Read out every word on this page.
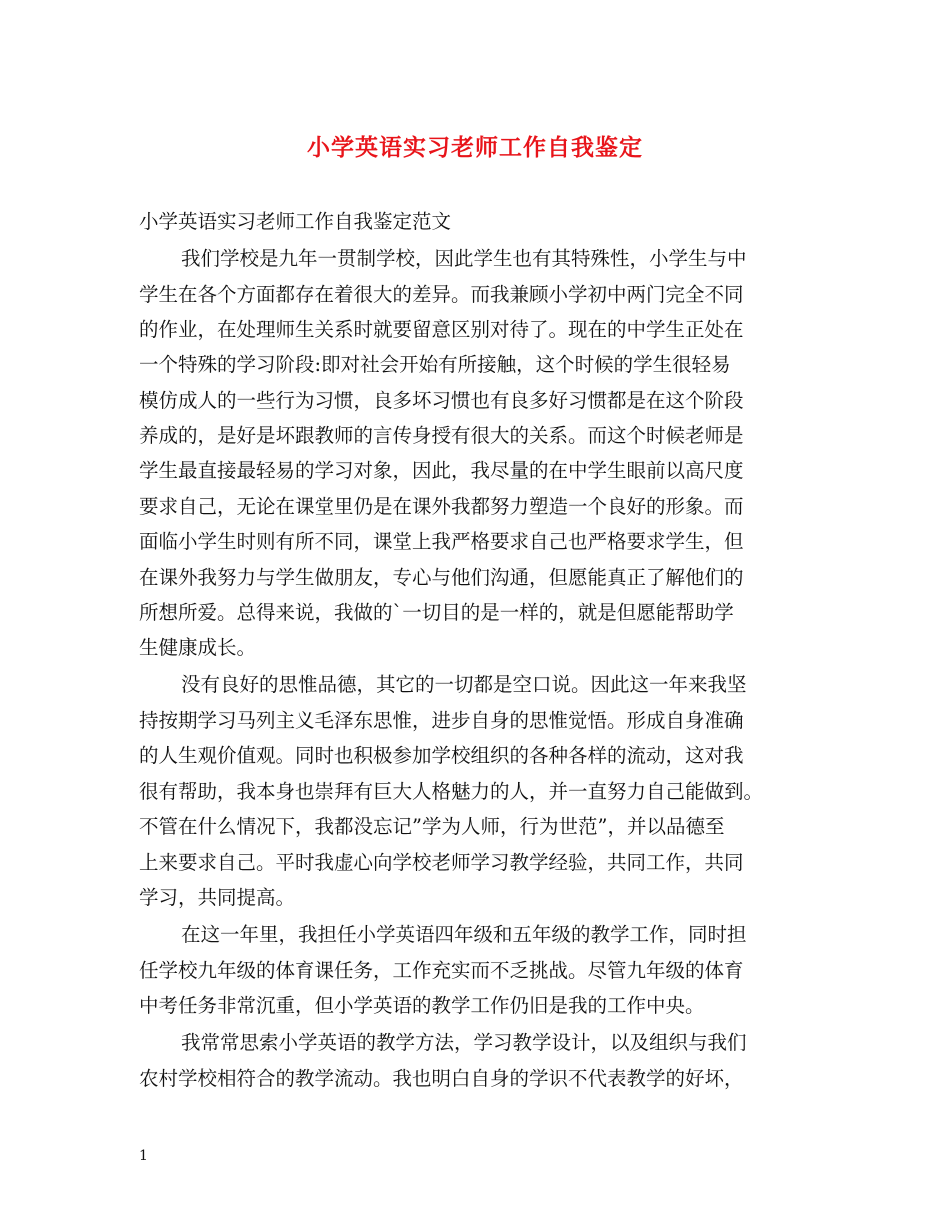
小学英语实习老师工作自我鉴定
小学英语实习老师工作自我鉴定范文
我们学校是九年一贯制学校，因此学生也有其特殊性，小学生与中
学生在各个方面都存在着很大的差异。而我兼顾小学初中两门完全不同
的作业，在处理师生关系时就要留意区别对待了。现在的中学生正处在
一个特殊的学习阶段:即对社会开始有所接触，这个时候的学生很轻易
模仿成人的一些行为习惯，良多坏习惯也有良多好习惯都是在这个阶段
养成的，是好是坏跟教师的言传身授有很大的关系。而这个时候老师是
学生最直接最轻易的学习对象，因此，我尽量的在中学生眼前以高尺度
要求自己，无论在课堂里仍是在课外我都努力塑造一个良好的形象。而
面临小学生时则有所不同，课堂上我严格要求自己也严格要求学生，但
在课外我努力与学生做朋友，专心与他们沟通，但愿能真正了解他们的
所想所爱。总得来说，我做的`一切目的是一样的，就是但愿能帮助学
生健康成长。
没有良好的思惟品德，其它的一切都是空口说。因此这一年来我坚
持按期学习马列主义毛泽东思惟，进步自身的思惟觉悟。形成自身准确
的人生观价值观。同时也积极参加学校组织的各种各样的流动，这对我
很有帮助，我本身也崇拜有巨大人格魅力的人，并一直努力自己能做到。
不管在什么情况下，我都没忘记”学为人师，行为世范”，并以品德至
上来要求自己。平时我虚心向学校老师学习教学经验，共同工作，共同
学习，共同提高。
在这一年里，我担任小学英语四年级和五年级的教学工作，同时担
任学校九年级的体育课任务，工作充实而不乏挑战。尽管九年级的体育
中考任务非常沉重，但小学英语的教学工作仍旧是我的工作中央。
我常常思索小学英语的教学方法，学习教学设计，以及组织与我们
农村学校相符合的教学流动。我也明白自身的学识不代表教学的好坏，
1
